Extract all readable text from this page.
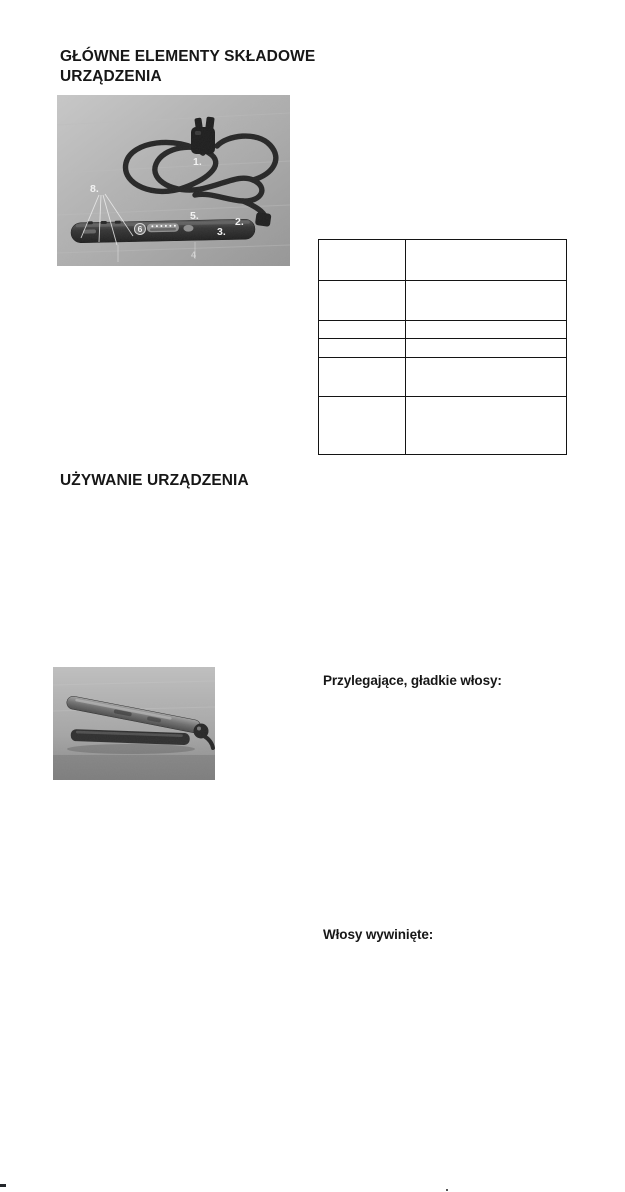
GŁÓWNE ELEMENTY SKŁADOWE URZĄDZENIA

UŻYWANIE URZĄDZENIA
Przylegające, gładkie włosy:
Włosy wywinięte:
